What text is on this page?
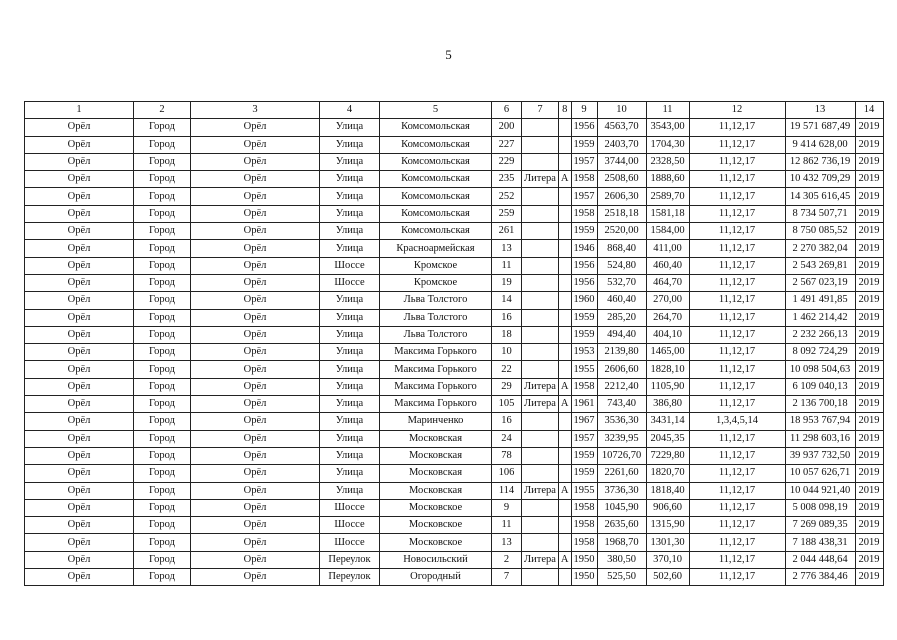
5
1	2	3	4	5	6	7	8	9	10	11	12	13	14
Орёл	Город	Орёл	Улица	Комсомольская	200			1956	4563,70	3543,00	11,12,17	19 571 687,49	2019
Орёл	Город	Орёл	Улица	Комсомольская	227			1959	2403,70	1704,30	11,12,17	9 414 628,00	2019
Орёл	Город	Орёл	Улица	Комсомольская	229			1957	3744,00	2328,50	11,12,17	12 862 736,19	2019
Орёл	Город	Орёл	Улица	Комсомольская	235	Литера	А	1958	2508,60	1888,60	11,12,17	10 432 709,29	2019
Орёл	Город	Орёл	Улица	Комсомольская	252			1957	2606,30	2589,70	11,12,17	14 305 616,45	2019
Орёл	Город	Орёл	Улица	Комсомольская	259			1958	2518,18	1581,18	11,12,17	8 734 507,71	2019
Орёл	Город	Орёл	Улица	Комсомольская	261			1959	2520,00	1584,00	11,12,17	8 750 085,52	2019
Орёл	Город	Орёл	Улица	Красноармейская	13			1946	868,40	411,00	11,12,17	2 270 382,04	2019
Орёл	Город	Орёл	Шоссе	Кромское	11			1956	524,80	460,40	11,12,17	2 543 269,81	2019
Орёл	Город	Орёл	Шоссе	Кромское	19			1956	532,70	464,70	11,12,17	2 567 023,19	2019
Орёл	Город	Орёл	Улица	Льва Толстого	14			1960	460,40	270,00	11,12,17	1 491 491,85	2019
Орёл	Город	Орёл	Улица	Льва Толстого	16			1959	285,20	264,70	11,12,17	1 462 214,42	2019
Орёл	Город	Орёл	Улица	Льва Толстого	18			1959	494,40	404,10	11,12,17	2 232 266,13	2019
Орёл	Город	Орёл	Улица	Максима Горького	10			1953	2139,80	1465,00	11,12,17	8 092 724,29	2019
Орёл	Город	Орёл	Улица	Максима Горького	22			1955	2606,60	1828,10	11,12,17	10 098 504,63	2019
Орёл	Город	Орёл	Улица	Максима Горького	29	Литера	А	1958	2212,40	1105,90	11,12,17	6 109 040,13	2019
Орёл	Город	Орёл	Улица	Максима Горького	105	Литера	А	1961	743,40	386,80	11,12,17	2 136 700,18	2019
Орёл	Город	Орёл	Улица	Маринченко	16			1967	3536,30	3431,14	1,3,4,5,14	18 953 767,94	2019
Орёл	Город	Орёл	Улица	Московская	24			1957	3239,95	2045,35	11,12,17	11 298 603,16	2019
Орёл	Город	Орёл	Улица	Московская	78			1959	10726,70	7229,80	11,12,17	39 937 732,50	2019
Орёл	Город	Орёл	Улица	Московская	106			1959	2261,60	1820,70	11,12,17	10 057 626,71	2019
Орёл	Город	Орёл	Улица	Московская	114	Литера	А	1955	3736,30	1818,40	11,12,17	10 044 921,40	2019
Орёл	Город	Орёл	Шоссе	Московское	9			1958	1045,90	906,60	11,12,17	5 008 098,19	2019
Орёл	Город	Орёл	Шоссе	Московское	11			1958	2635,60	1315,90	11,12,17	7 269 089,35	2019
Орёл	Город	Орёл	Шоссе	Московское	13			1958	1968,70	1301,30	11,12,17	7 188 438,31	2019
Орёл	Город	Орёл	Переулок	Новосильский	2	Литера	А	1950	380,50	370,10	11,12,17	2 044 448,64	2019
Орёл	Город	Орёл	Переулок	Огородный	7			1950	525,50	502,60	11,12,17	2 776 384,46	2019
